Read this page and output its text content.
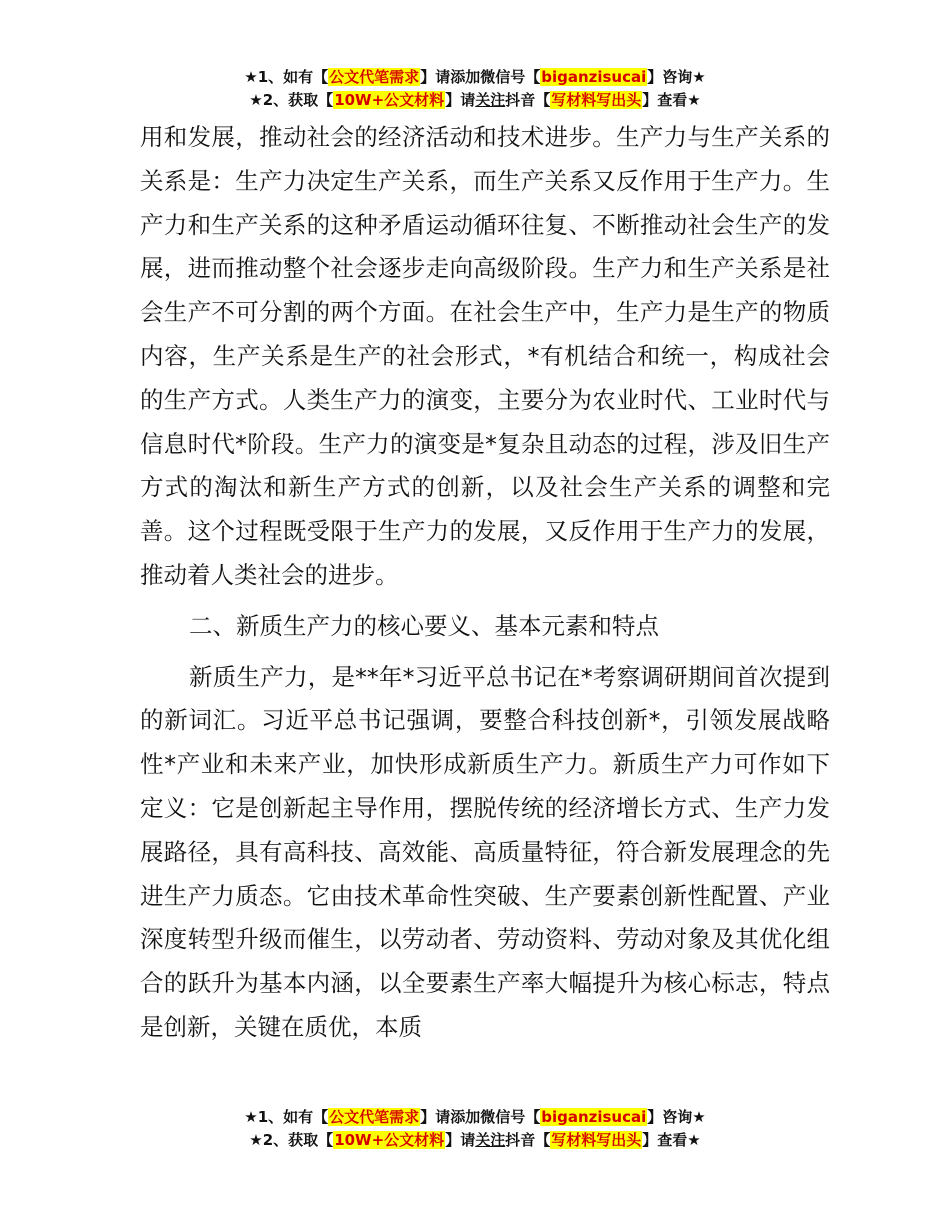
★1、如有【公文代笔需求】请添加微信号【biganzisucai】咨询★
★2、获取【10W+公文材料】请关注抖音【写材料写出头】查看★

用和发展，推动社会的经济活动和技术进步。生产力与生产关系的关系是：生产力决定生产关系，而生产关系又反作用于生产力。生产力和生产关系的这种矛盾运动循环往复、不断推动社会生产的发展，进而推动整个社会逐步走向高级阶段。生产力和生产关系是社会生产不可分割的两个方面。在社会生产中，生产力是生产的物质内容，生产关系是生产的社会形式，*有机结合和统一，构成社会的生产方式。人类生产力的演变，主要分为农业时代、工业时代与信息时代*阶段。生产力的演变是*复杂且动态的过程，涉及旧生产方式的淘汰和新生产方式的创新，以及社会生产关系的调整和完善。这个过程既受限于生产力的发展，又反作用于生产力的发展，推动着人类社会的进步。

二、新质生产力的核心要义、基本元素和特点

新质生产力，是**年*习近平总书记在*考察调研期间首次提到的新词汇。习近平总书记强调，要整合科技创新*，引领发展战略性*产业和未来产业，加快形成新质生产力。新质生产力可作如下定义：它是创新起主导作用，摆脱传统的经济增长方式、生产力发展路径，具有高科技、高效能、高质量特征，符合新发展理念的先进生产力质态。它由技术革命性突破、生产要素创新性配置、产业深度转型升级而催生，以劳动者、劳动资料、劳动对象及其优化组合的跃升为基本内涵，以全要素生产率大幅提升为核心标志，特点是创新，关键在质优，本质

★1、如有【公文代笔需求】请添加微信号【biganzisucai】咨询★
★2、获取【10W+公文材料】请关注抖音【写材料写出头】查看★
